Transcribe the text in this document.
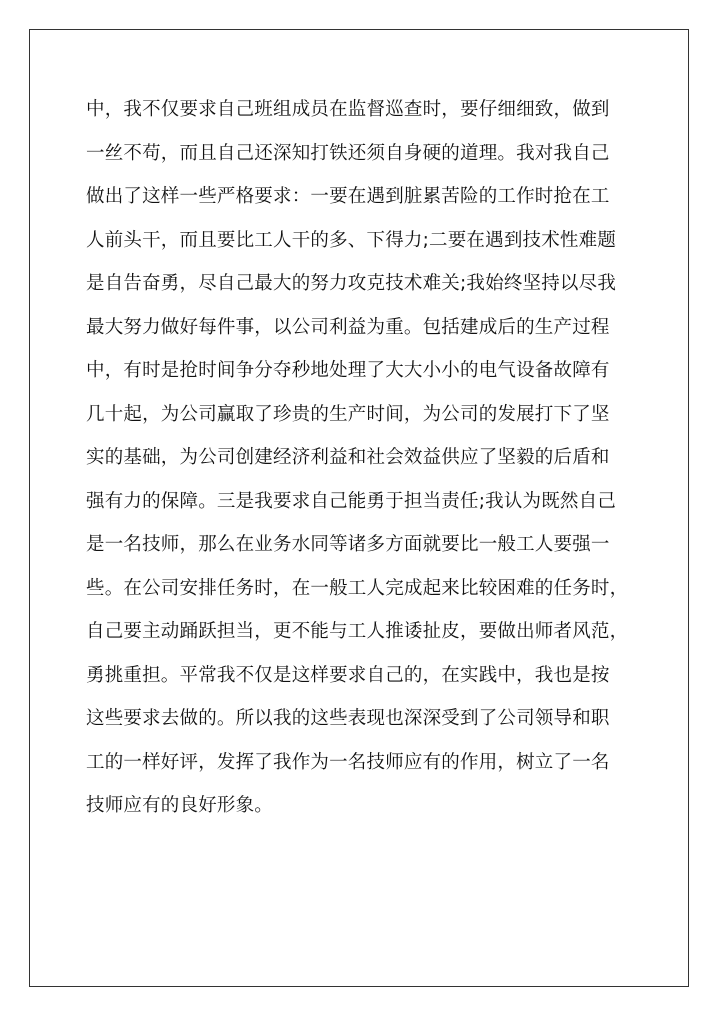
中，我不仅要求自己班组成员在监督巡查时，要仔细细致，做到
一丝不苟，而且自己还深知打铁还须自身硬的道理。我对我自己
做出了这样一些严格要求：一要在遇到脏累苦险的工作时抢在工
人前头干，而且要比工人干的多、下得力;二要在遇到技术性难题
是自告奋勇，尽自己最大的努力攻克技术难关;我始终坚持以尽我
最大努力做好每件事，以公司利益为重。包括建成后的生产过程
中，有时是抢时间争分夺秒地处理了大大小小的电气设备故障有
几十起，为公司赢取了珍贵的生产时间，为公司的发展打下了坚
实的基础，为公司创建经济利益和社会效益供应了坚毅的后盾和
强有力的保障。三是我要求自己能勇于担当责任;我认为既然自己
是一名技师，那么在业务水同等诸多方面就要比一般工人要强一
些。在公司安排任务时，在一般工人完成起来比较困难的任务时，
自己要主动踊跃担当，更不能与工人推诿扯皮，要做出师者风范，
勇挑重担。平常我不仅是这样要求自己的，在实践中，我也是按
这些要求去做的。所以我的这些表现也深深受到了公司领导和职
工的一样好评，发挥了我作为一名技师应有的作用，树立了一名
技师应有的良好形象。
